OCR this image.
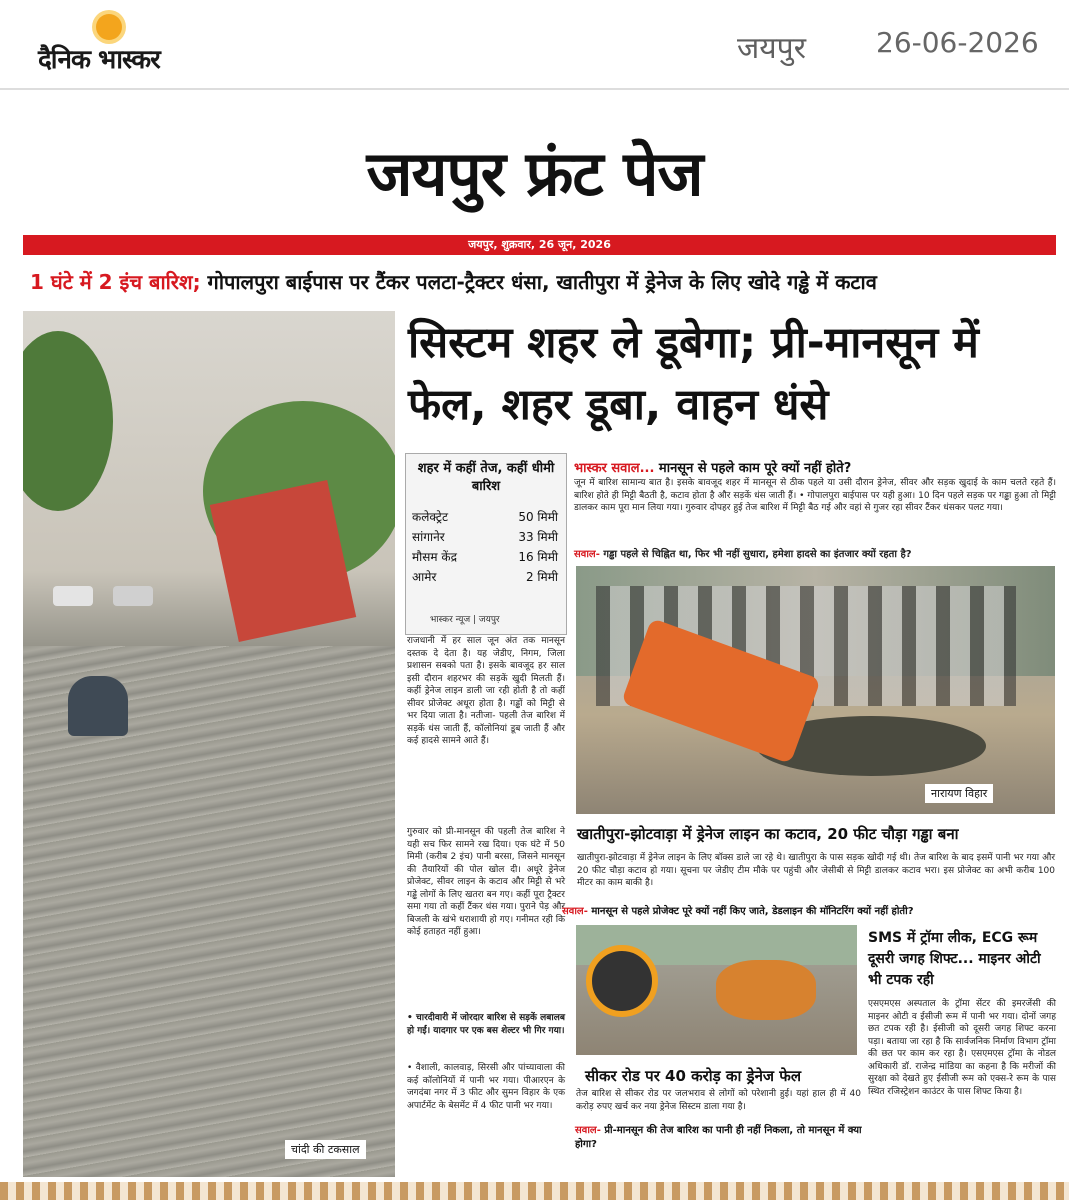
दैनिक भास्कर	जयपुर	26-06-2026
जयपुर फ्रंट पेज
जयपुर, शुक्रवार, 26 जून, 2026
1 घंटे में 2 इंच बारिश; गोपालपुरा बाईपास पर टैंकर पलटा-ट्रैक्टर धंसा, खातीपुरा में ड्रेनेज के लिए खोदे गड्ढे में कटाव
चांदी की टकसाल
सिस्टम शहर ले डूबेगा; प्री-मानसून में फेल, शहर डूबा, वाहन धंसे
शहर में कहीं तेज, कहीं धीमी बारिश
कलेक्ट्रेट	50 मिमी
सांगानेर	33 मिमी
मौसम केंद्र	16 मिमी
आमेर	2 मिमी
भास्कर न्यूज | जयपुर
राजधानी में हर साल जून अंत तक मानसून दस्तक दे देता है। यह जेडीए, निगम, जिला प्रशासन सबको पता है। इसके बावजूद हर साल इसी दौरान शहरभर की सड़कें खुदी मिलती हैं। कहीं ड्रेनेज लाइन डाली जा रही होती है तो कहीं सीवर प्रोजेक्ट अधूरा होता है। गड्ढों को मिट्टी से भर दिया जाता है। नतीजा- पहली तेज बारिश में सड़कें धंस जाती हैं, कॉलोनियां डूब जाती हैं और कई हादसे सामने आते हैं।
गुरुवार को प्री-मानसून की पहली तेज बारिश ने यही सच फिर सामने रख दिया। एक घंटे में 50 मिमी (करीब 2 इंच) पानी बरसा, जिसने मानसून की तैयारियों की पोल खोल दी। अधूरे ड्रेनेज प्रोजेक्ट, सीवर लाइन के कटाव और मिट्टी से भरे गड्ढे लोगों के लिए खतरा बन गए। कहीं पूरा ट्रैक्टर समा गया तो कहीं टैंकर धंस गया। पुराने पेड़ और बिजली के खंभे धराशायी हो गए। गनीमत रही कि कोई हताहत नहीं हुआ।
• चारदीवारी में जोरदार बारिश से सड़कें लबालब हो गईं। यादगार पर एक बस शेल्टर भी गिर गया।
• वैशाली, कालवाड़, सिरसी और पांच्यावाला की कई कॉलोनियों में पानी भर गया। पीआरएन के जगदंबा नगर में 3 फीट और सुमन विहार के एक अपार्टमेंट के बेसमेंट में 4 फीट पानी भर गया।
भास्कर सवाल... मानसून से पहले काम पूरे क्यों नहीं होते?
जून में बारिश सामान्य बात है। इसके बावजूद शहर में मानसून से ठीक पहले या उसी दौरान ड्रेनेज, सीवर और सड़क खुदाई के काम चलते रहते हैं। बारिश होते ही मिट्टी बैठती है, कटाव होता है और सड़कें धंस जाती हैं। • गोपालपुरा बाईपास पर यही हुआ। 10 दिन पहले सड़क पर गड्ढा हुआ तो मिट्टी डालकर काम पूरा मान लिया गया। गुरुवार दोपहर हुई तेज बारिश में मिट्टी बैठ गई और वहां से गुजर रहा सीवर टैंकर धंसकर पलट गया।
सवाल- गड्ढा पहले से चिह्नित था, फिर भी नहीं सुधारा, हमेशा हादसे का इंतजार क्यों रहता है?
नारायण विहार
खातीपुरा-झोटवाड़ा में ड्रेनेज लाइन का कटाव, 20 फीट चौड़ा गड्ढा बना
खातीपुरा-झोटवाड़ा में ड्रेनेज लाइन के लिए बॉक्स डाले जा रहे थे। खातीपुरा के पास सड़क खोदी गई थी। तेज बारिश के बाद इसमें पानी भर गया और 20 फीट चौड़ा कटाव हो गया। सूचना पर जेडीए टीम मौके पर पहुंची और जेसीबी से मिट्टी डालकर कटाव भरा। इस प्रोजेक्ट का अभी करीब 100 मीटर का काम बाकी है।
सवाल- मानसून से पहले प्रोजेक्ट पूरे क्यों नहीं किए जाते, डेडलाइन की मॉनिटरिंग क्यों नहीं होती?
सीकर रोड पर 40 करोड़ का ड्रेनेज फेल
तेज बारिश से सीकर रोड पर जलभराव से लोगों को परेशानी हुई। यहां हाल ही में 40 करोड़ रुपए खर्च कर नया ड्रेनेज सिस्टम डाला गया है।
सवाल- प्री-मानसून की तेज बारिश का पानी ही नहीं निकला, तो मानसून में क्या होगा?
SMS में ट्रॉमा लीक, ECG रूम दूसरी जगह शिफ्ट... माइनर ओटी भी टपक रही
एसएमएस अस्पताल के ट्रॉमा सेंटर की इमरजेंसी की माइनर ओटी व ईसीजी रूम में पानी भर गया। दोनों जगह छत टपक रही है। ईसीजी को दूसरी जगह शिफ्ट करना पड़ा। बताया जा रहा है कि सार्वजनिक निर्माण विभाग ट्रॉमा की छत पर काम कर रहा है। एसएमएस ट्रॉमा के नोडल अधिकारी डॉ. राजेन्द्र मांडिया का कहना है कि मरीजों की सुरक्षा को देखते हुए ईसीजी रूम को एक्स-रे रूम के पास स्थित रजिस्ट्रेशन काउंटर के पास शिफ्ट किया है।
